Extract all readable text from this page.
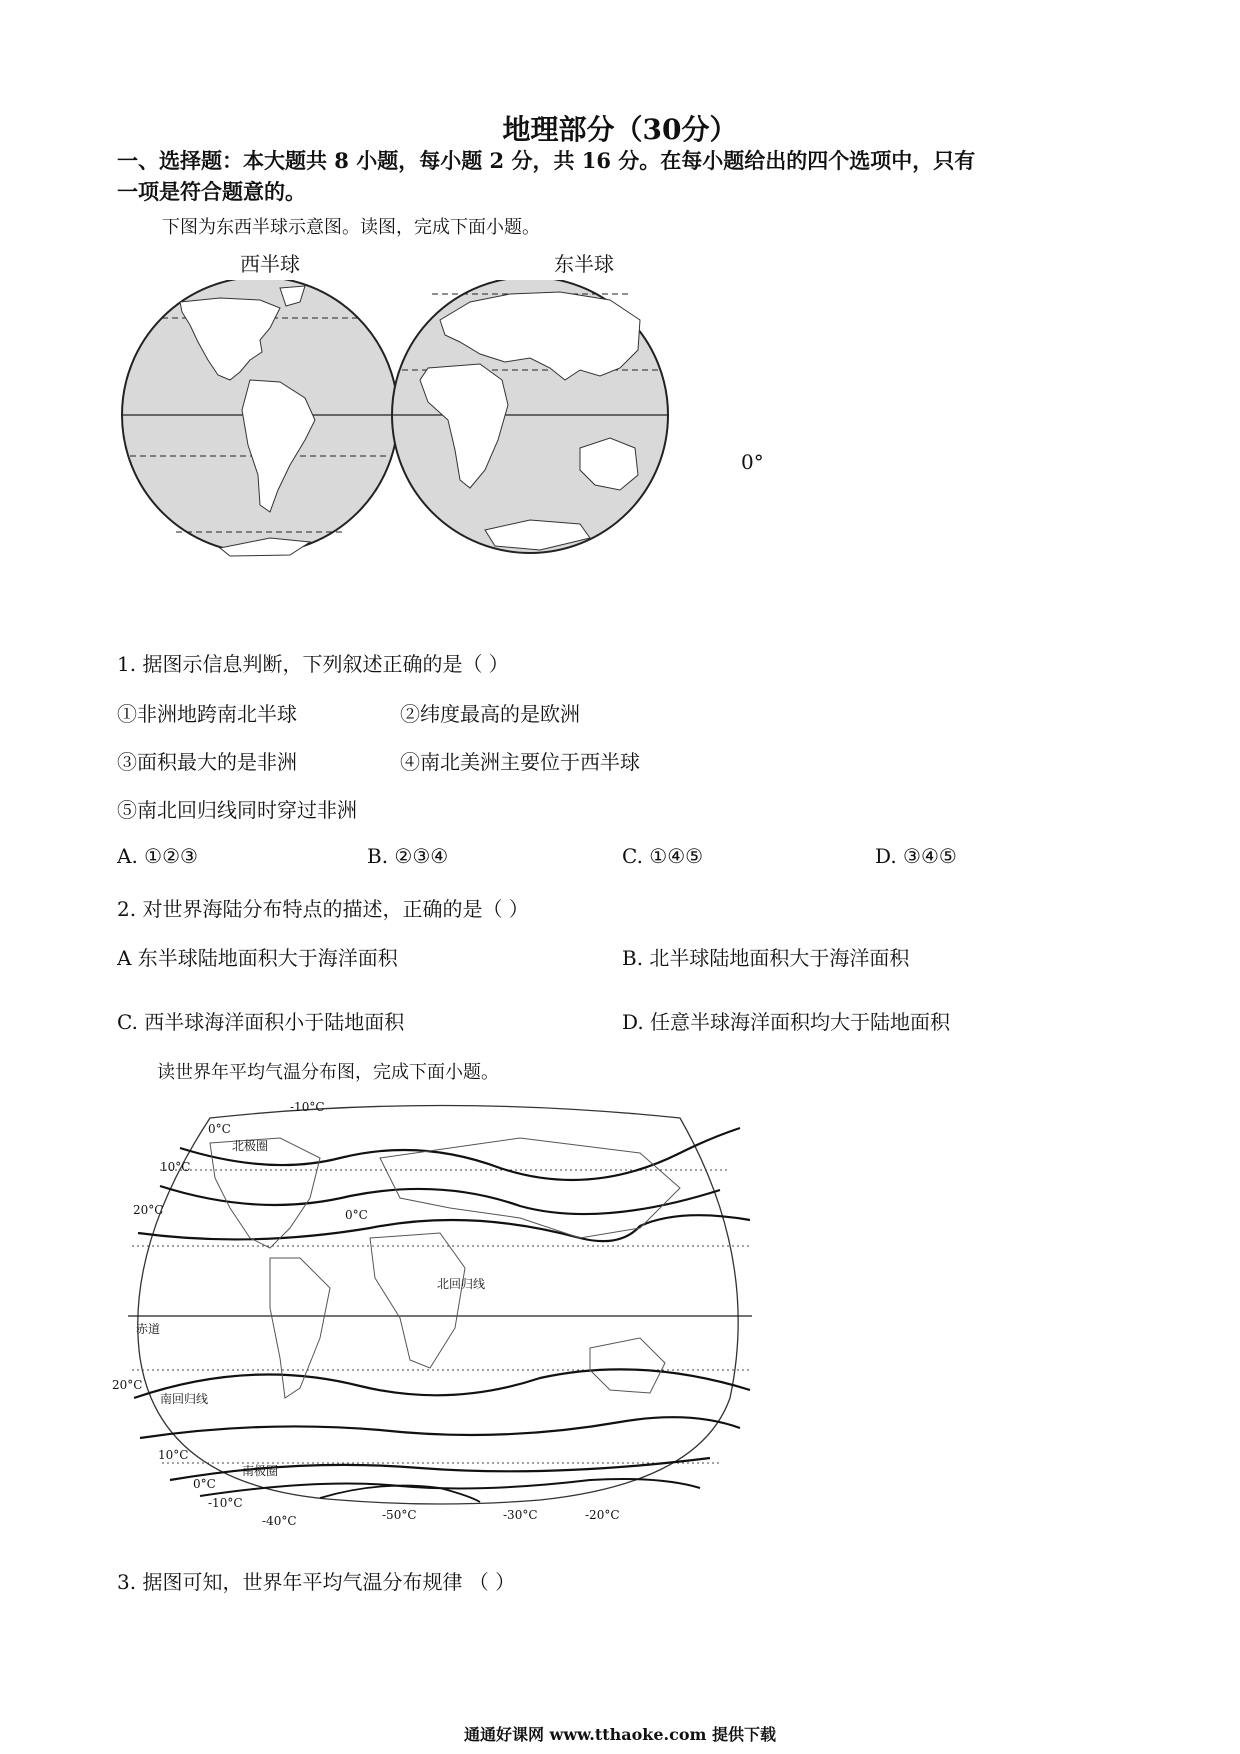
地理部分（30分）
一、选择题：本大题共 8 小题，每小题 2 分，共 16 分。在每小题给出的四个选项中，只有
一项是符合题意的。
下图为东西半球示意图。读图，完成下面小题。
西半球	东半球
0°
1. 据图示信息判断，下列叙述正确的是（ ）
①非洲地跨南北半球	②纬度最高的是欧洲
③面积最大的是非洲	④南北美洲主要位于西半球
⑤南北回归线同时穿过非洲
A. ①②③	B. ②③④	C. ①④⑤	D. ③④⑤
2. 对世界海陆分布特点的描述，正确的是（ ）
A 东半球陆地面积大于海洋面积	B. 北半球陆地面积大于海洋面积
C. 西半球海洋面积小于陆地面积	D. 任意半球海洋面积均大于陆地面积
读世界年平均气温分布图，完成下面小题。
-10°C
0°C
北极圈
10°C
20°C	0°C
北回归线
赤道
20°C
南回归线
10°C
南极圈
0°C
-10°C
-40°C	-50°C	-30°C	-20°C
3. 据图可知，世界年平均气温分布规律 （ ）
通通好课网 www.tthaoke.com 提供下载
